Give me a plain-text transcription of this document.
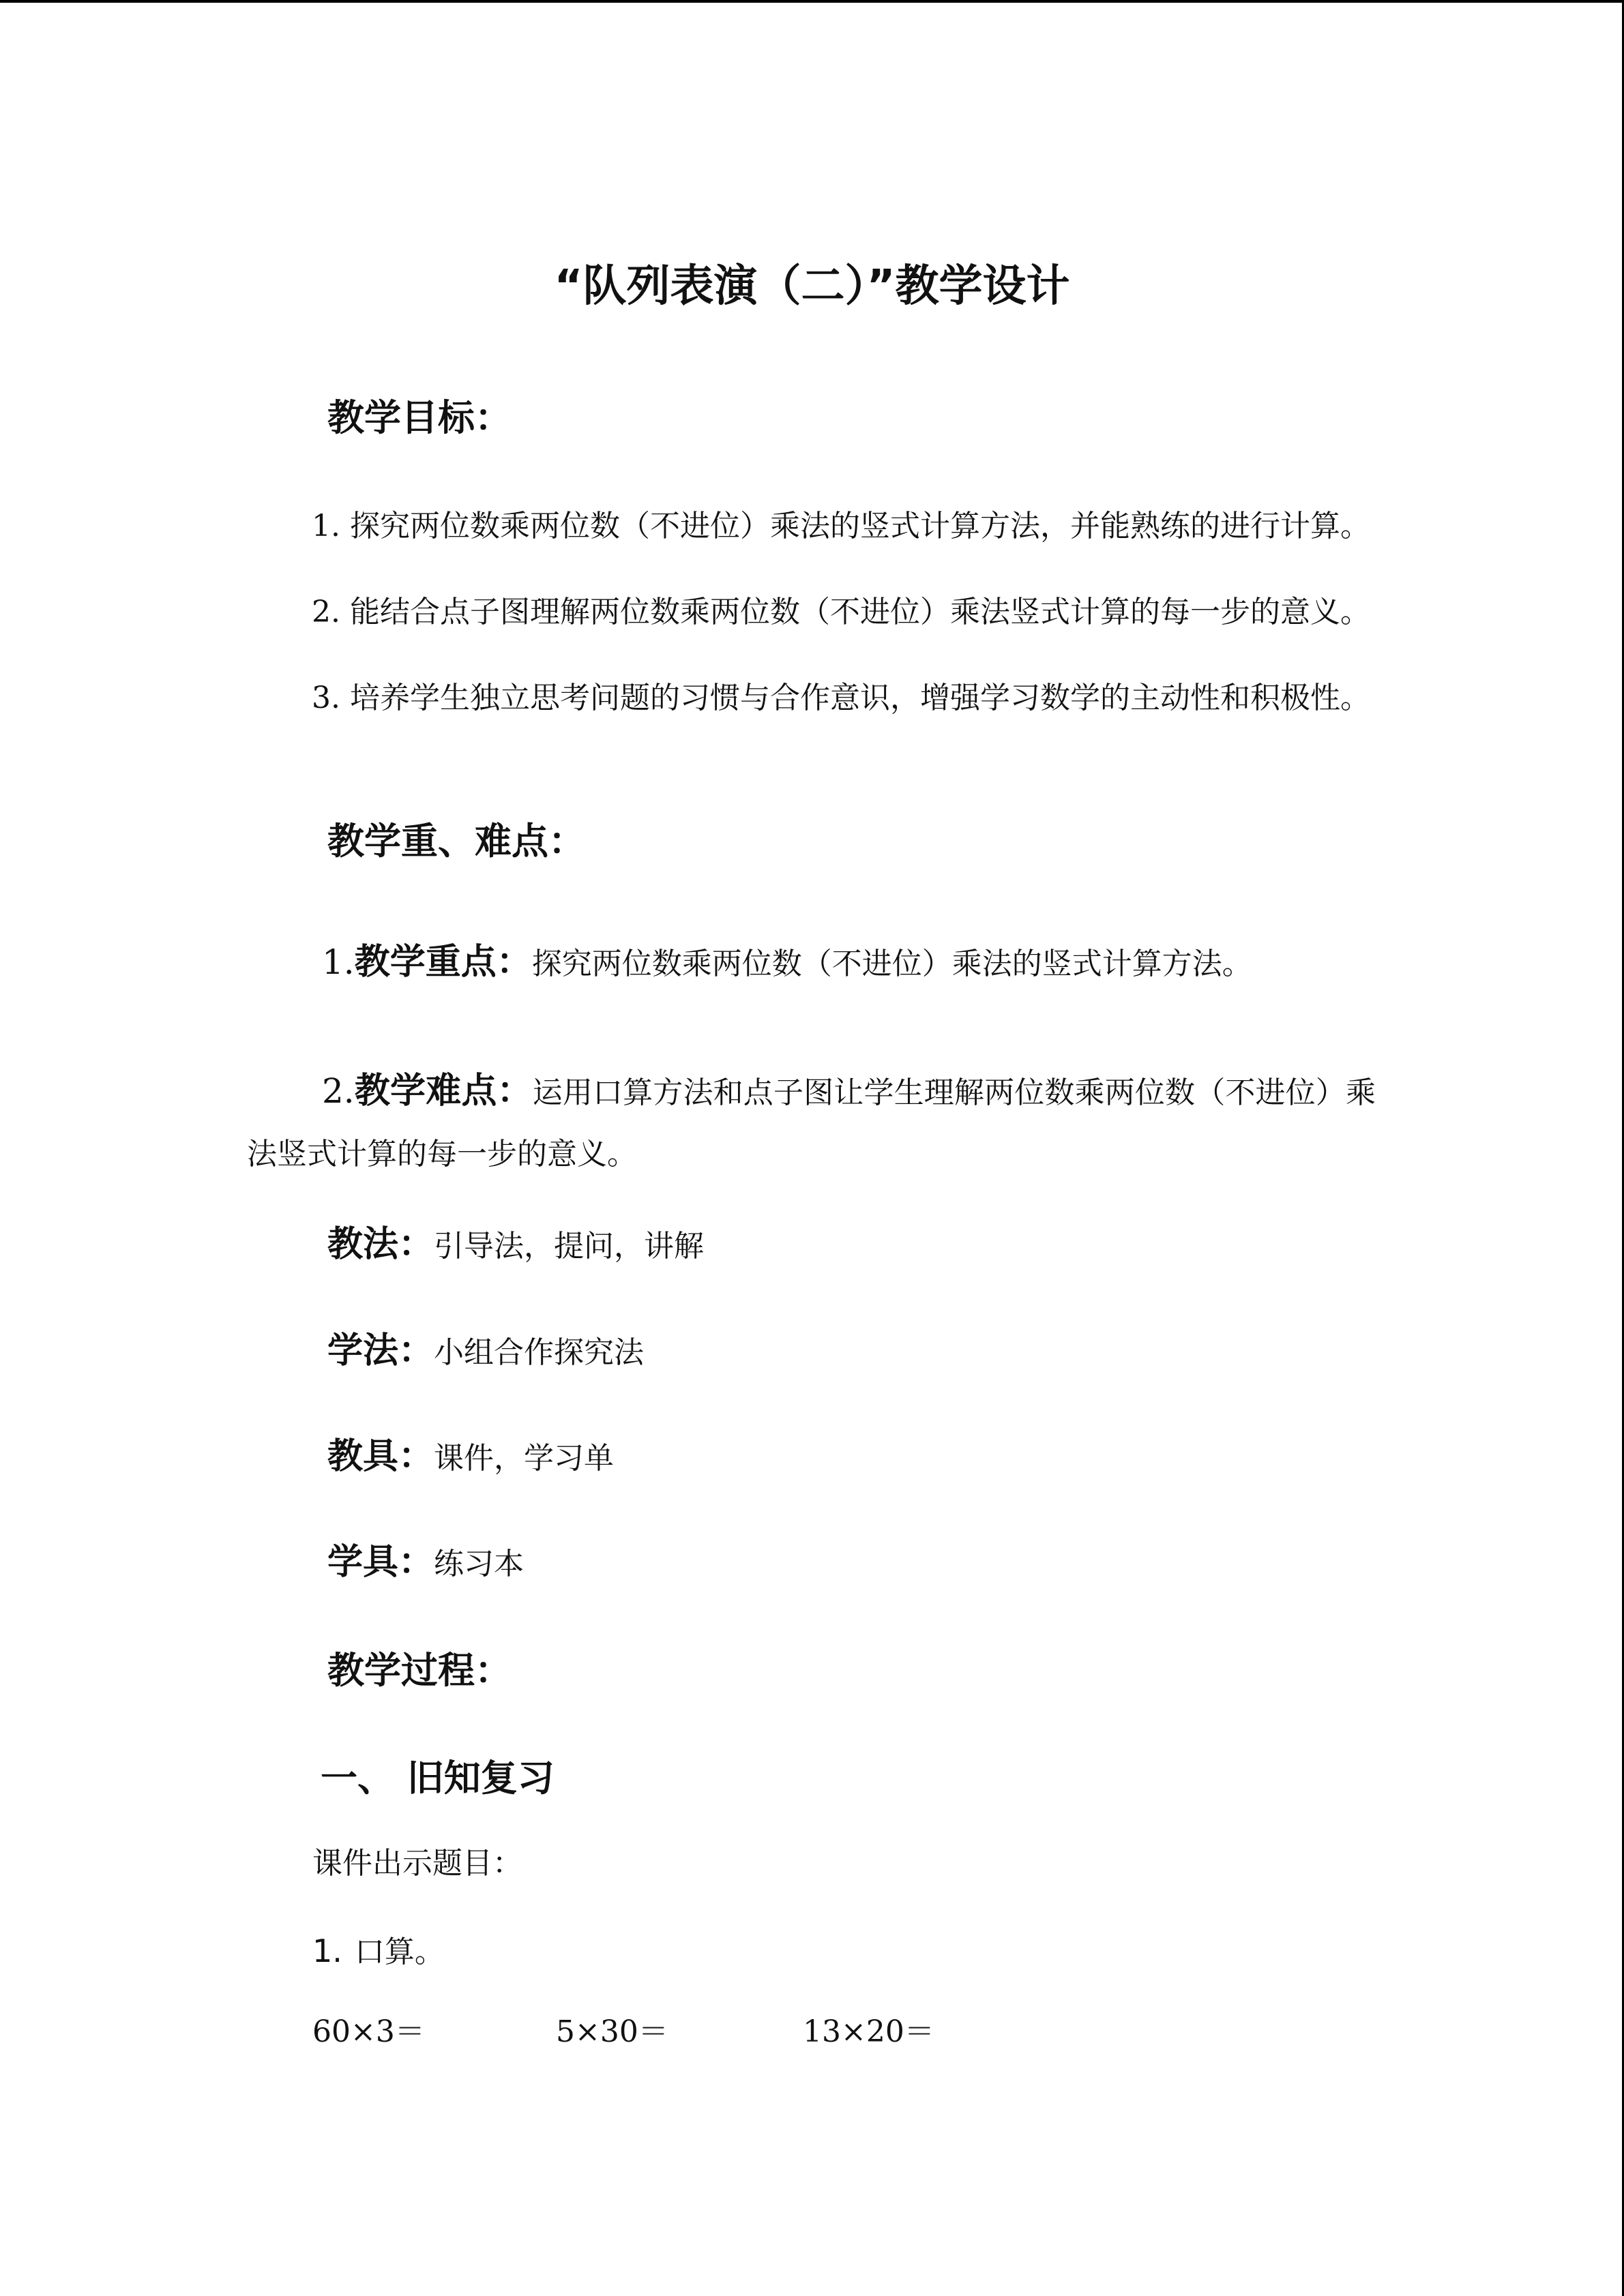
“队列表演（二）”教学设计
教学目标：
1. 探究两位数乘两位数（不进位）乘法的竖式计算方法，并能熟练的进行计算。
2. 能结合点子图理解两位数乘两位数（不进位）乘法竖式计算的每一步的意义。
3. 培养学生独立思考问题的习惯与合作意识，增强学习数学的主动性和积极性。
教学重、难点：
1.教学重点：探究两位数乘两位数（不进位）乘法的竖式计算方法。
2.教学难点：运用口算方法和点子图让学生理解两位数乘两位数（不进位）乘法竖式计算的每一步的意义。
教法：引导法，提问，讲解
学法：小组合作探究法
教具：课件，学习单
学具：练习本
教学过程：
一、 旧知复习
课件出示题目：
1. 口算。
60×3＝	5×30＝	13×20＝
